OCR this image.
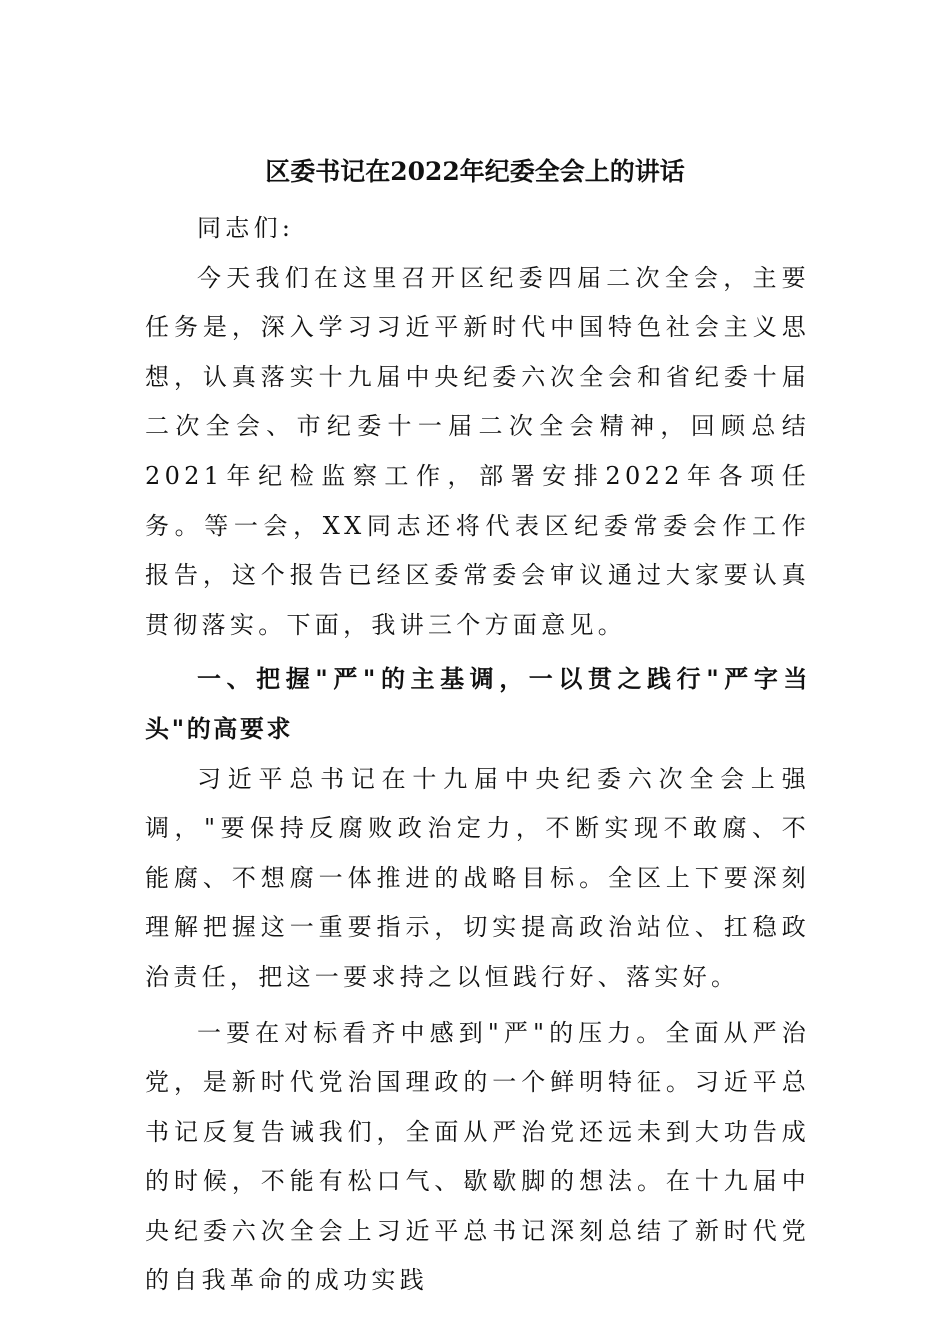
区委书记在2022年纪委全会上的讲话

同志们:

今天我们在这里召开区纪委四届二次全会，主要任务是，深入学习习近平新时代中国特色社会主义思想，认真落实十九届中央纪委六次全会和省纪委十届二次全会、市纪委十一届二次全会精神，回顾总结2021年纪检监察工作，部署安排2022年各项任务。等一会，XX同志还将代表区纪委常委会作工作报告，这个报告已经区委常委会审议通过大家要认真贯彻落实。下面，我讲三个方面意见。

一、把握"严"的主基调，一以贯之践行"严字当头"的高要求

习近平总书记在十九届中央纪委六次全会上强调，"要保持反腐败政治定力，不断实现不敢腐、不能腐、不想腐一体推进的战略目标。全区上下要深刻理解把握这一重要指示，切实提高政治站位、扛稳政治责任，把这一要求持之以恒践行好、落实好。

一要在对标看齐中感到"严"的压力。全面从严治党，是新时代党治国理政的一个鲜明特征。习近平总书记反复告诫我们，全面从严治党还远未到大功告成的时候，不能有松口气、歇歇脚的想法。在十九届中央纪委六次全会上习近平总书记深刻总结了新时代党的自我革命的成功实践
